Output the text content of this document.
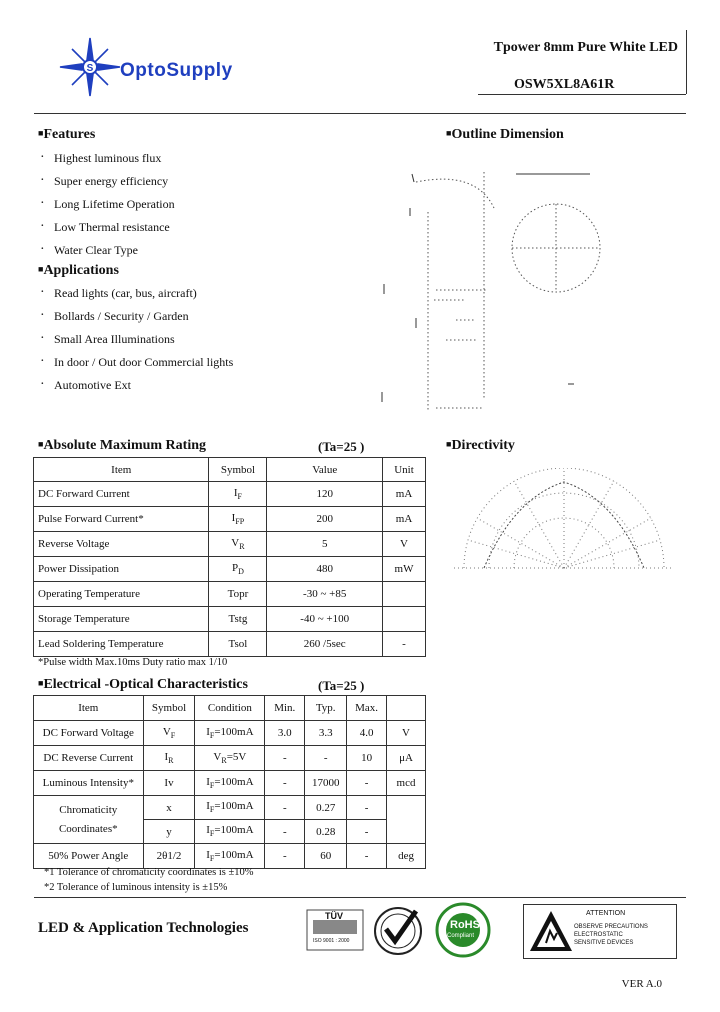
S OptoSupply
Tpower 8mm Pure White LED
OSW5XL8A61R
■Features
· Highest luminous flux
· Super energy efficiency
· Long Lifetime Operation
· Low Thermal resistance
· Water Clear Type
■Applications
· Read lights (car, bus, aircraft)
· Bollards / Security / Garden
· Small Area Illuminations
· In door / Out door Commercial lights
· Automotive Ext
■Outline Dimension
■Absolute Maximum Rating	(Ta=25 )
Item	Symbol	Value	Unit
DC Forward Current	$I_F$	120	mA
Pulse Forward Current*	$I_{FP}$	200	mA
Reverse Voltage	$V_R$	5	V
Power Dissipation	$P_D$	480	mW
Operating Temperature	Topr	-30 ~ +85	
Storage Temperature	Tstg	-40 ~ +100	
Lead Soldering Temperature	Tsol	260 /5sec	-
*Pulse width Max.10ms Duty ratio max 1/10
■Directivity
■Electrical -Optical Characteristics	(Ta=25 )
Item	Symbol	Condition	Min.	Typ.	Max.	
DC Forward Voltage	$V_F$	$I_F=100mA$	3.0	3.3	4.0	V
DC Reverse Current	$I_R$	$V_R=5V$	-	-	10	μA
Luminous Intensity*	Iv	$I_F=100mA$	-	17000	-	mcd
Chromaticity
Coordinates*	x	$I_F=100mA$	-	0.27	-	
	y	$I_F=100mA$	-	0.28	-	
50% Power Angle	2θ1/2	$I_F=100mA$	-	60	-	deg
*1 Tolerance of chromaticity coordinates is ±10%
*2 Tolerance of luminous intensity is ±15%
LED & Application Technologies
TÜV
ISO 9001 : 2000
RoHS
Compliant
ATTENTION
OBSERVE PRECAUTIONS
ELECTROSTATIC
SENSITIVE DEVICES
VER A.0
